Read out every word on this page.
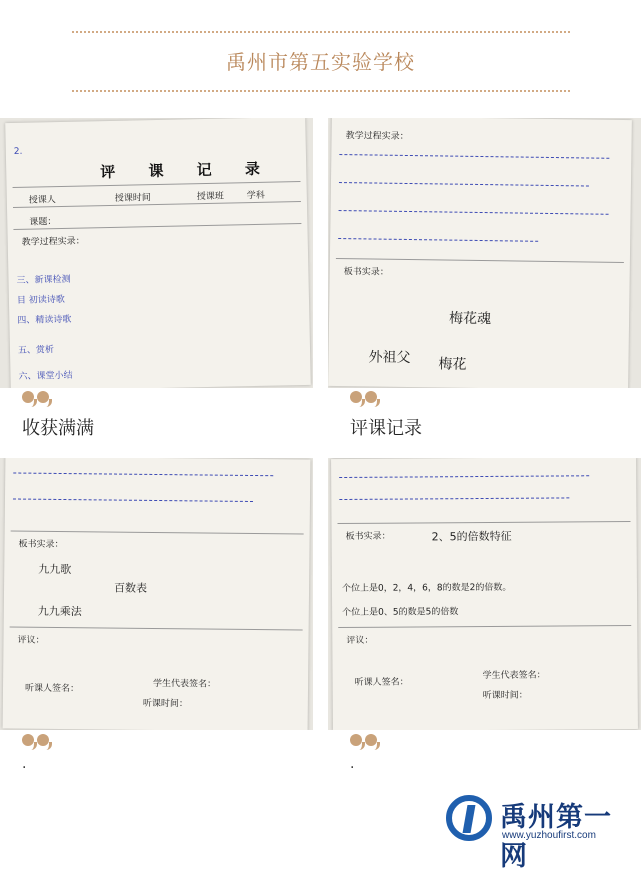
禹州市第五实验学校
2.
评 课 记 录
授课人	授课时间	授课班	学科
课题：
教学过程实录：
三、新课检测
目 初读诗歌
四、精读诗歌
五、赏析
六、课堂小结
收获满满
教学过程实录：
板书实录：
梅花魂
外祖父 梅花
评课记录
板书实录：
九九歌
百数表
九九乘法
评议：
听课人签名：	学生代表签名：
听课时间：
·
板书实录：	2、5的倍数特征
个位上是0，2，4，6，8的数是2的倍数。
个位上是0、5的数是5的倍数
评议：
听课人签名：
学生代表签名：
听课时间：
·
禹州第一网
www.yuzhoufirst.com
